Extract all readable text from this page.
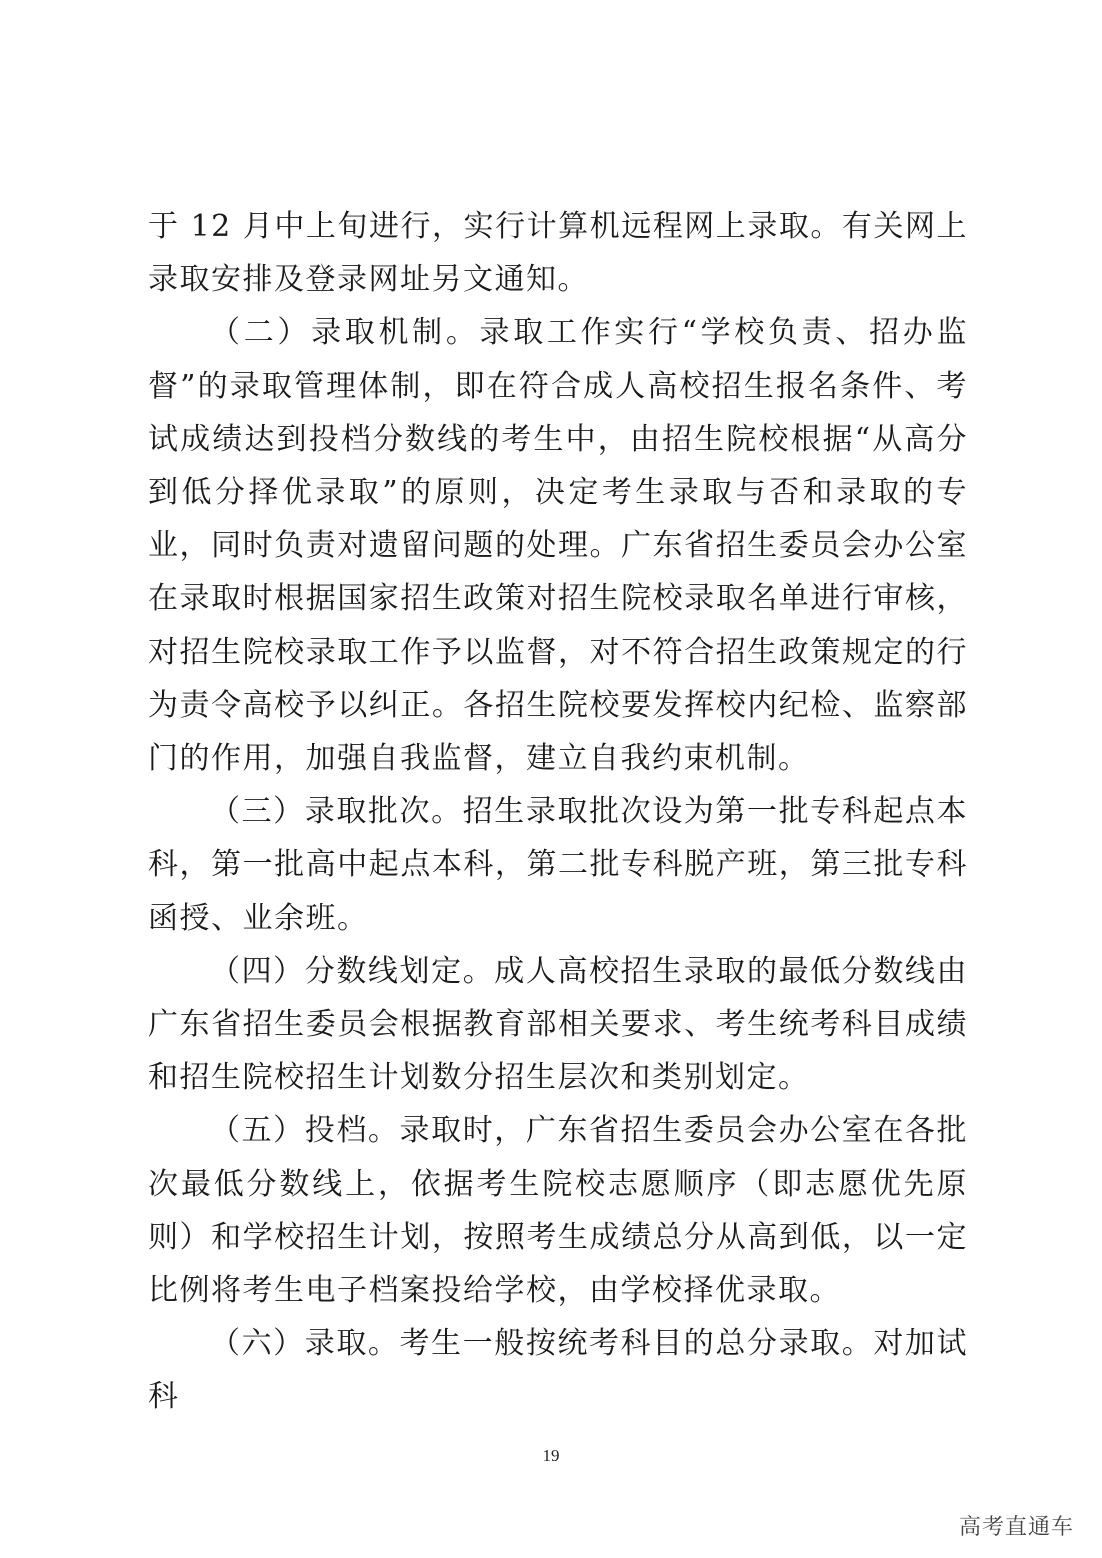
于 12 月中上旬进行，实行计算机远程网上录取。有关网上录取安排及登录网址另文通知。

（二）录取机制。录取工作实行“学校负责、招办监督”的录取管理体制，即在符合成人高校招生报名条件、考试成绩达到投档分数线的考生中，由招生院校根据“从高分到低分择优录取”的原则，决定考生录取与否和录取的专业，同时负责对遗留问题的处理。广东省招生委员会办公室在录取时根据国家招生政策对招生院校录取名单进行审核，对招生院校录取工作予以监督，对不符合招生政策规定的行为责令高校予以纠正。各招生院校要发挥校内纪检、监察部门的作用，加强自我监督，建立自我约束机制。

（三）录取批次。招生录取批次设为第一批专科起点本科，第一批高中起点本科，第二批专科脱产班，第三批专科函授、业余班。

（四）分数线划定。成人高校招生录取的最低分数线由广东省招生委员会根据教育部相关要求、考生统考科目成绩和招生院校招生计划数分招生层次和类别划定。

（五）投档。录取时，广东省招生委员会办公室在各批次最低分数线上，依据考生院校志愿顺序（即志愿优先原则）和学校招生计划，按照考生成绩总分从高到低，以一定比例将考生电子档案投给学校，由学校择优录取。

（六）录取。考生一般按统考科目的总分录取。对加试科

19
高考直通车
